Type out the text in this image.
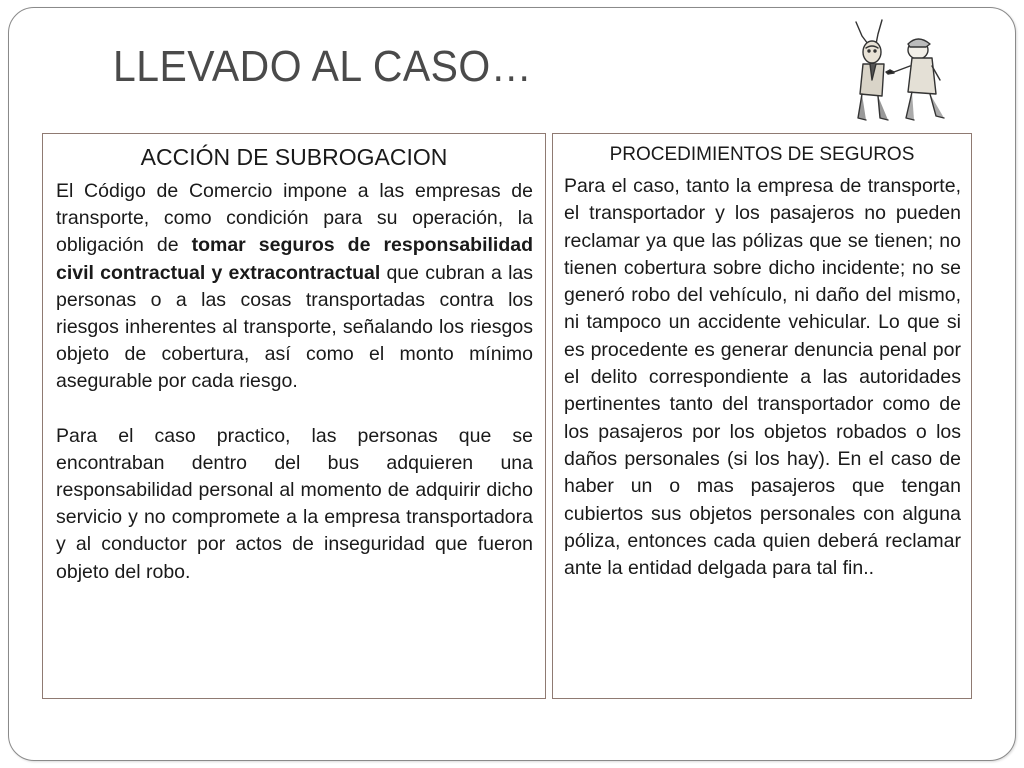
LLEVADO AL CASO…

ACCIÓN DE SUBROGACION

El Código de Comercio impone a las empresas de transporte, como condición para su operación, la obligación de tomar seguros de responsabilidad civil contractual y extracontractual que cubran a las personas o a las cosas transportadas contra los riesgos inherentes al transporte, señalando los riesgos objeto de cobertura, así como el monto mínimo asegurable por cada riesgo.

Para el caso practico, las personas que se encontraban dentro del bus adquieren una responsabilidad personal al momento de adquirir dicho servicio y no compromete a la empresa transportadora y al conductor por actos de inseguridad que fueron objeto del robo.

PROCEDIMIENTOS DE SEGUROS

Para el caso, tanto la empresa de transporte, el transportador y los pasajeros no pueden reclamar ya que las pólizas que se tienen; no tienen cobertura sobre dicho incidente; no se generó robo del vehículo, ni daño del mismo, ni tampoco un accidente vehicular. Lo que si es procedente es generar denuncia penal por el delito correspondiente a las autoridades pertinentes tanto del transportador como de los pasajeros por los objetos robados o los daños personales (si los hay). En el caso de haber un o mas pasajeros que tengan cubiertos sus objetos personales con alguna póliza, entonces cada quien deberá reclamar ante la entidad delgada para tal fin..
